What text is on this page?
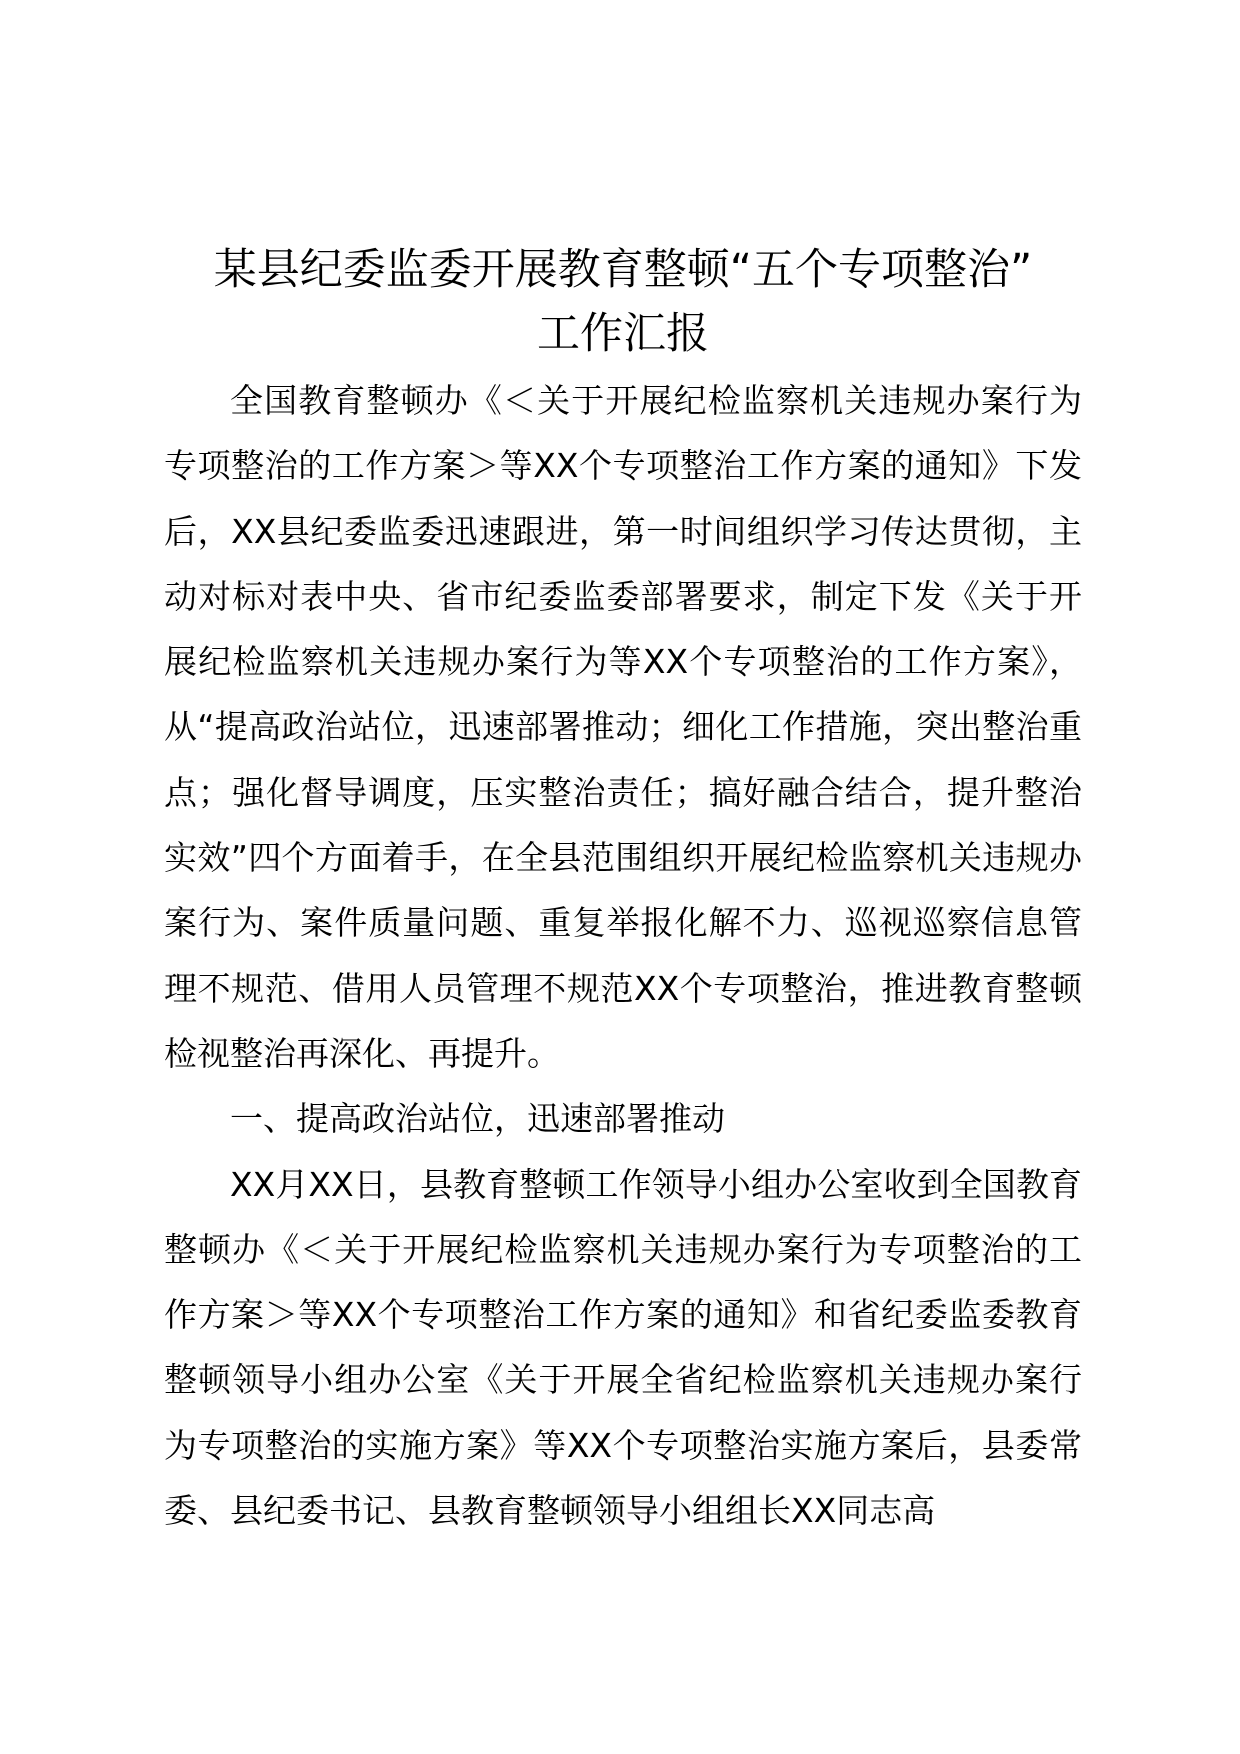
某县纪委监委开展教育整顿“五个专项整治”
工作汇报

全国教育整顿办《＜关于开展纪检监察机关违规办案行为专项整治的工作方案＞等XX个专项整治工作方案的通知》下发后，XX县纪委监委迅速跟进，第一时间组织学习传达贯彻，主动对标对表中央、省市纪委监委部署要求，制定下发《关于开展纪检监察机关违规办案行为等XX个专项整治的工作方案》，从“提高政治站位，迅速部署推动；细化工作措施，突出整治重点；强化督导调度，压实整治责任；搞好融合结合，提升整治实效”四个方面着手，在全县范围组织开展纪检监察机关违规办案行为、案件质量问题、重复举报化解不力、巡视巡察信息管理不规范、借用人员管理不规范XX个专项整治，推进教育整顿检视整治再深化、再提升。

一、提高政治站位，迅速部署推动

XX月XX日，县教育整顿工作领导小组办公室收到全国教育整顿办《＜关于开展纪检监察机关违规办案行为专项整治的工作方案＞等XX个专项整治工作方案的通知》和省纪委监委教育整顿领导小组办公室《关于开展全省纪检监察机关违规办案行为专项整治的实施方案》等XX个专项整治实施方案后，县委常委、县纪委书记、县教育整顿领导小组组长XX同志高
